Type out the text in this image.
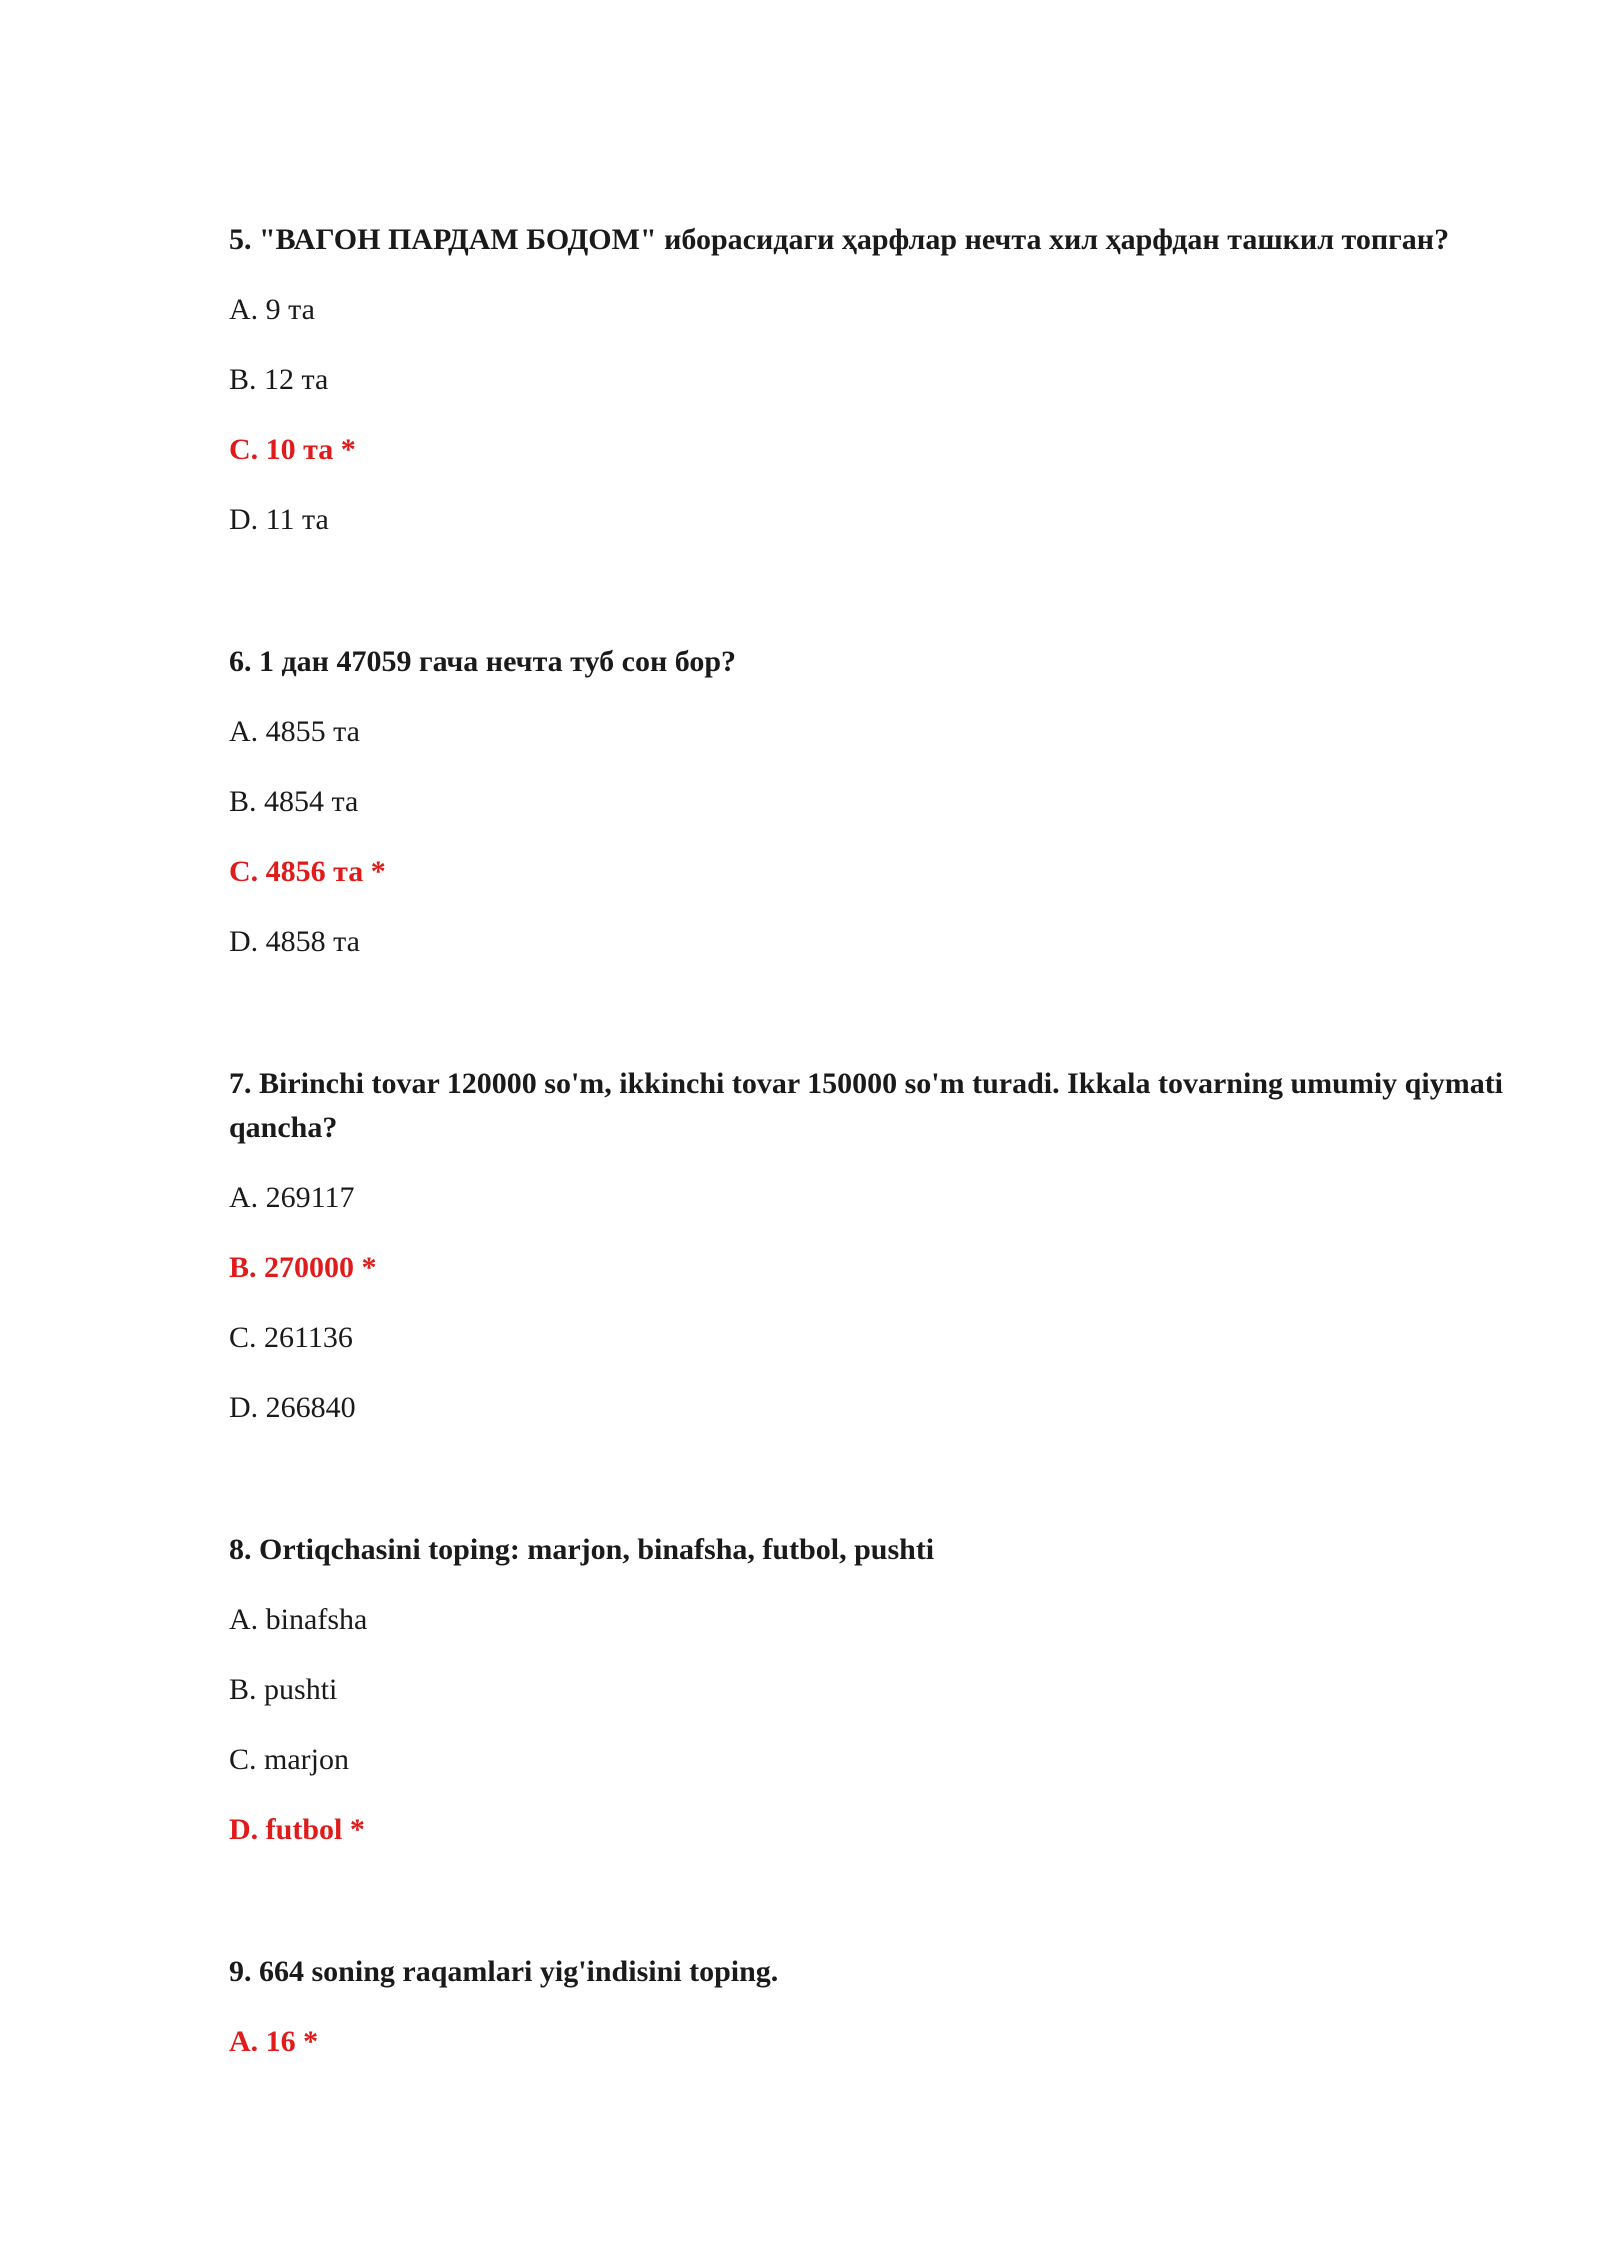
5. "ВАГОН ПАРДАМ БОДОМ" иборасидаги ҳарфлар нечта хил ҳарфдан ташкил топган?

A. 9 та

B. 12 та

C. 10 та *

D. 11 та

6. 1 дан 47059 гача нечта туб сон бор?

A. 4855 та

B. 4854 та

C. 4856 та *

D. 4858 та

7. Birinchi tovar 120000 so'm, ikkinchi tovar 150000 so'm turadi. Ikkala tovarning umumiy qiymati qancha?

A. 269117

B. 270000 *

C. 261136

D. 266840

8. Ortiqchasini toping: marjon, binafsha, futbol, pushti

A. binafsha

B. pushti

C. marjon

D. futbol *

9. 664 soning raqamlari yig'indisini toping.

A. 16 *
